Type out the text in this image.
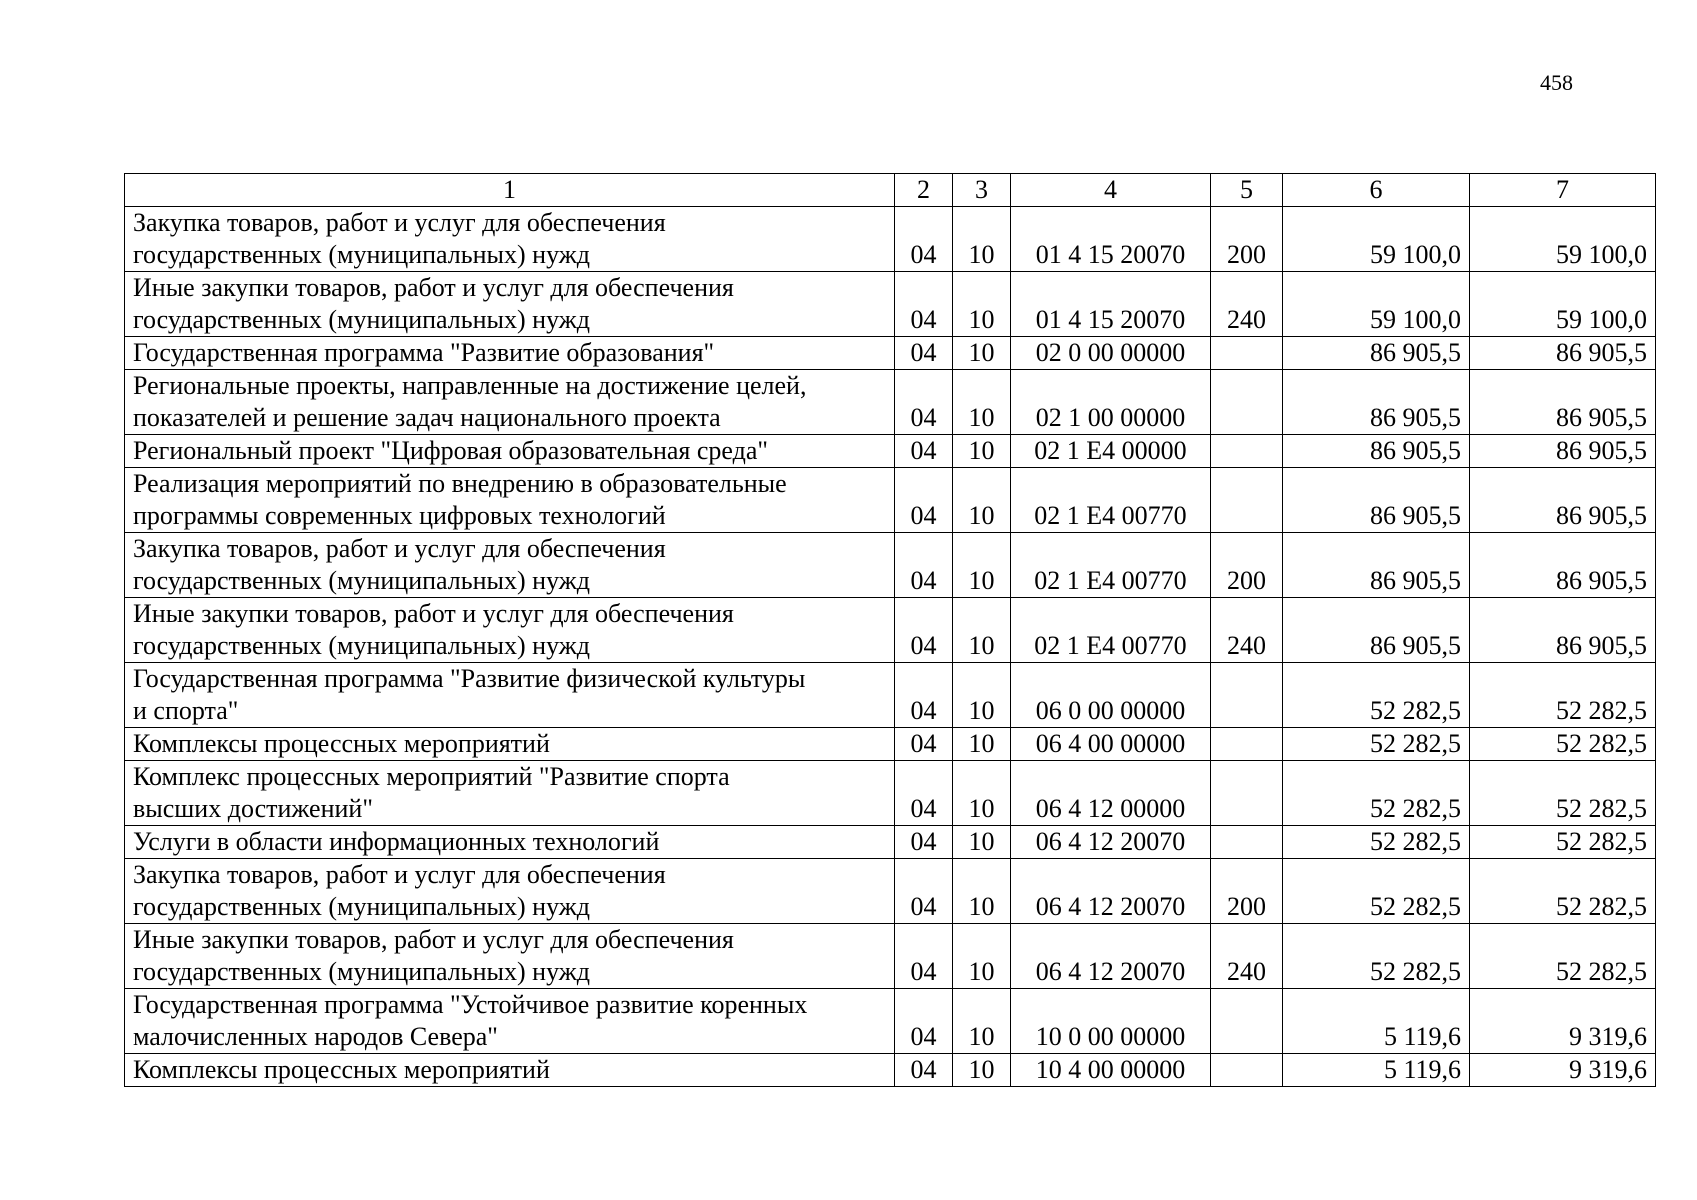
458
1	2	3	4	5	6	7
Закупка товаров, работ и услуг для обеспечения
государственных (муниципальных) нужд	04	10	01 4 15 20070	200	59 100,0	59 100,0
Иные закупки товаров, работ и услуг для обеспечения
государственных (муниципальных) нужд	04	10	01 4 15 20070	240	59 100,0	59 100,0
Государственная программа "Развитие образования"	04	10	02 0 00 00000		86 905,5	86 905,5
Региональные проекты, направленные на достижение целей,
показателей и решение задач национального проекта	04	10	02 1 00 00000		86 905,5	86 905,5
Региональный проект "Цифровая образовательная среда"	04	10	02 1 E4 00000		86 905,5	86 905,5
Реализация мероприятий по внедрению в образовательные
программы современных цифровых технологий	04	10	02 1 E4 00770		86 905,5	86 905,5
Закупка товаров, работ и услуг для обеспечения
государственных (муниципальных) нужд	04	10	02 1 E4 00770	200	86 905,5	86 905,5
Иные закупки товаров, работ и услуг для обеспечения
государственных (муниципальных) нужд	04	10	02 1 E4 00770	240	86 905,5	86 905,5
Государственная программа "Развитие физической культуры
и спорта"	04	10	06 0 00 00000		52 282,5	52 282,5
Комплексы процессных мероприятий	04	10	06 4 00 00000		52 282,5	52 282,5
Комплекс процессных мероприятий "Развитие спорта
высших достижений"	04	10	06 4 12 00000		52 282,5	52 282,5
Услуги в области информационных технологий	04	10	06 4 12 20070		52 282,5	52 282,5
Закупка товаров, работ и услуг для обеспечения
государственных (муниципальных) нужд	04	10	06 4 12 20070	200	52 282,5	52 282,5
Иные закупки товаров, работ и услуг для обеспечения
государственных (муниципальных) нужд	04	10	06 4 12 20070	240	52 282,5	52 282,5
Государственная программа "Устойчивое развитие коренных
малочисленных народов Севера"	04	10	10 0 00 00000		5 119,6	9 319,6
Комплексы процессных мероприятий	04	10	10 4 00 00000		5 119,6	9 319,6
